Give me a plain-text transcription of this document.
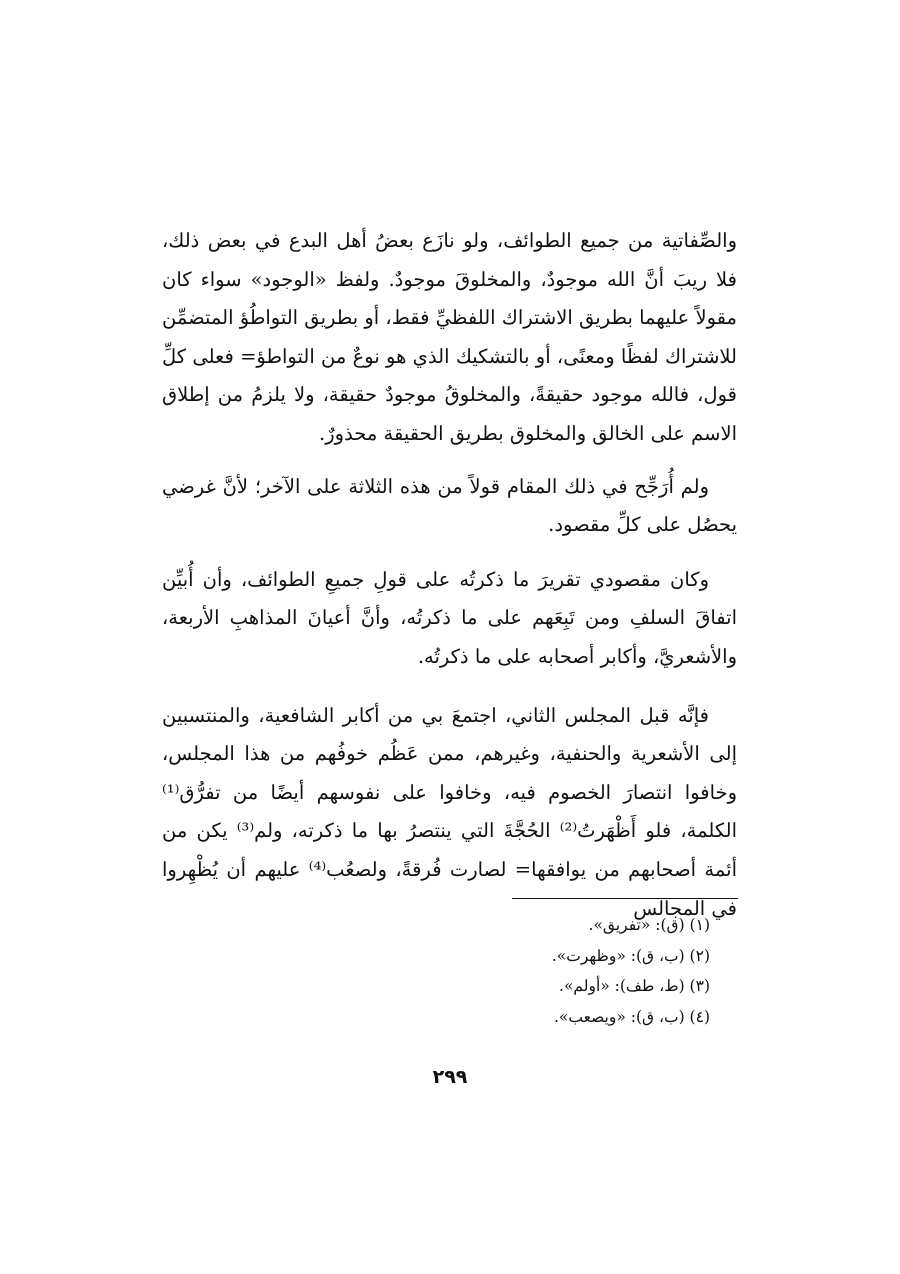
والصِّفاتية من جميع الطوائف، ولو نازَع بعضُ أهل البدع في بعض ذلك، فلا ريبَ أنَّ الله موجودٌ، والمخلوقَ موجودٌ. ولفظ «الوجود» سواء كان مقولاً عليهما بطريق الاشتراك اللفظيِّ فقط، أو بطريق التواطُؤ المتضمِّن للاشتراك لفظًا ومعنًى، أو بالتشكيك الذي هو نوعٌ من التواطؤ= فعلى كلِّ قول، فالله موجود حقيقةً، والمخلوقُ موجودٌ حقيقة، ولا يلزمُ من إطلاق الاسم على الخالق والمخلوق بطريق الحقيقة محذورٌ.

ولم أُرَجِّح في ذلك المقام قولاً من هذه الثلاثة على الآخر؛ لأنَّ غرضي يحصُل على كلِّ مقصود.

وكان مقصودي تقريرَ ما ذكرتُه على قولِ جميعِ الطوائف، وأن أُبيِّن اتفاقَ السلفِ ومن تَبِعَهم على ما ذكرتُه، وأنَّ أعيانَ المذاهبِ الأربعة، والأشعريَّ، وأكابر أصحابه على ما ذكرتُه.

فإنَّه قبل المجلس الثاني، اجتمعَ بي من أكابر الشافعية، والمنتسبين إلى الأشعرية والحنفية، وغيرهم، ممن عَظُم خوفُهم من هذا المجلس، وخافوا انتصارَ الخصوم فيه، وخافوا على نفوسهم أيضًا من تفرُّق⁽¹⁾ الكلمة، فلو أَظْهَرتُ⁽²⁾ الحُجَّةَ التي ينتصرُ بها ما ذكرته، ولم⁽³⁾ يكن من أئمة أصحابهم من يوافقها= لصارت فُرقةً، ولصعُب⁽⁴⁾ عليهم أن يُظْهِروا في المجالس

(١) (ق): «تفريق».
(٢) (ب، ق): «وظهرت».
(٣) (ط، طف): «أولم».
(٤) (ب، ق): «ويصعب».
٢٩٩
